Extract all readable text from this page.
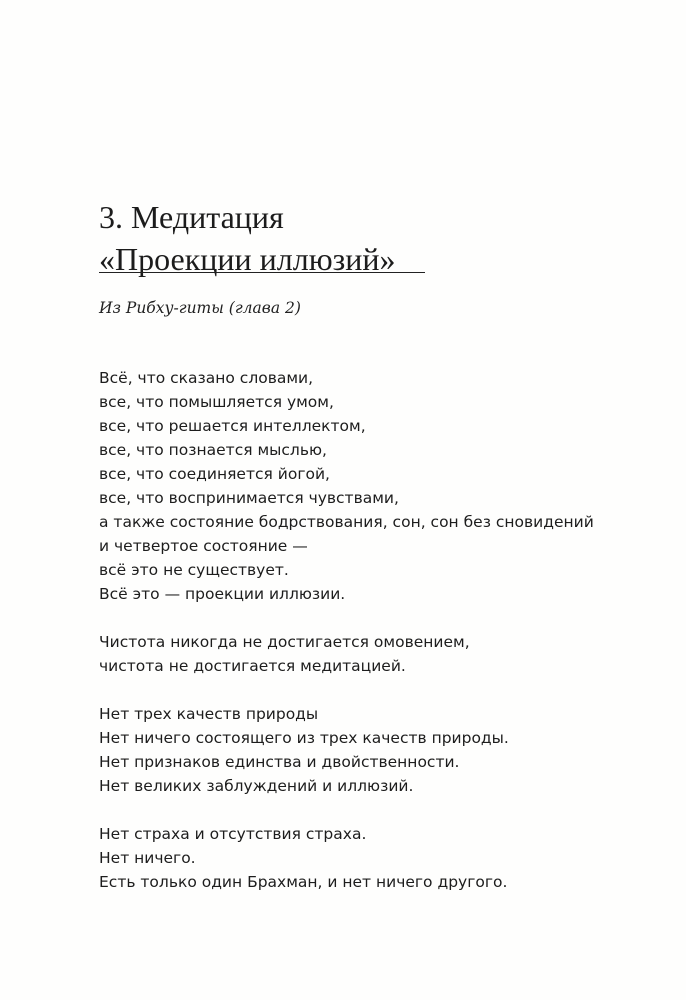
3. Медитация
«Проекции иллюзий»
Из Рибху-гиты (глава 2)
Всё, что сказано словами,
все, что помышляется умом,
все, что решается интеллектом,
все, что познается мыслью,
все, что соединяется йогой,
все, что воспринимается чувствами,
а также состояние бодрствования, сон, сон без сновидений
и четвертое состояние —
всё это не существует.
Всё это — проекции иллюзии.
Чистота никогда не достигается омовением,
чистота не достигается медитацией.
Нет трех качеств природы
Нет ничего состоящего из трех качеств природы.
Нет признаков единства и двойственности.
Нет великих заблуждений и иллюзий.
Нет страха и отсутствия страха.
Нет ничего.
Есть только один Брахман, и нет ничего другого.
